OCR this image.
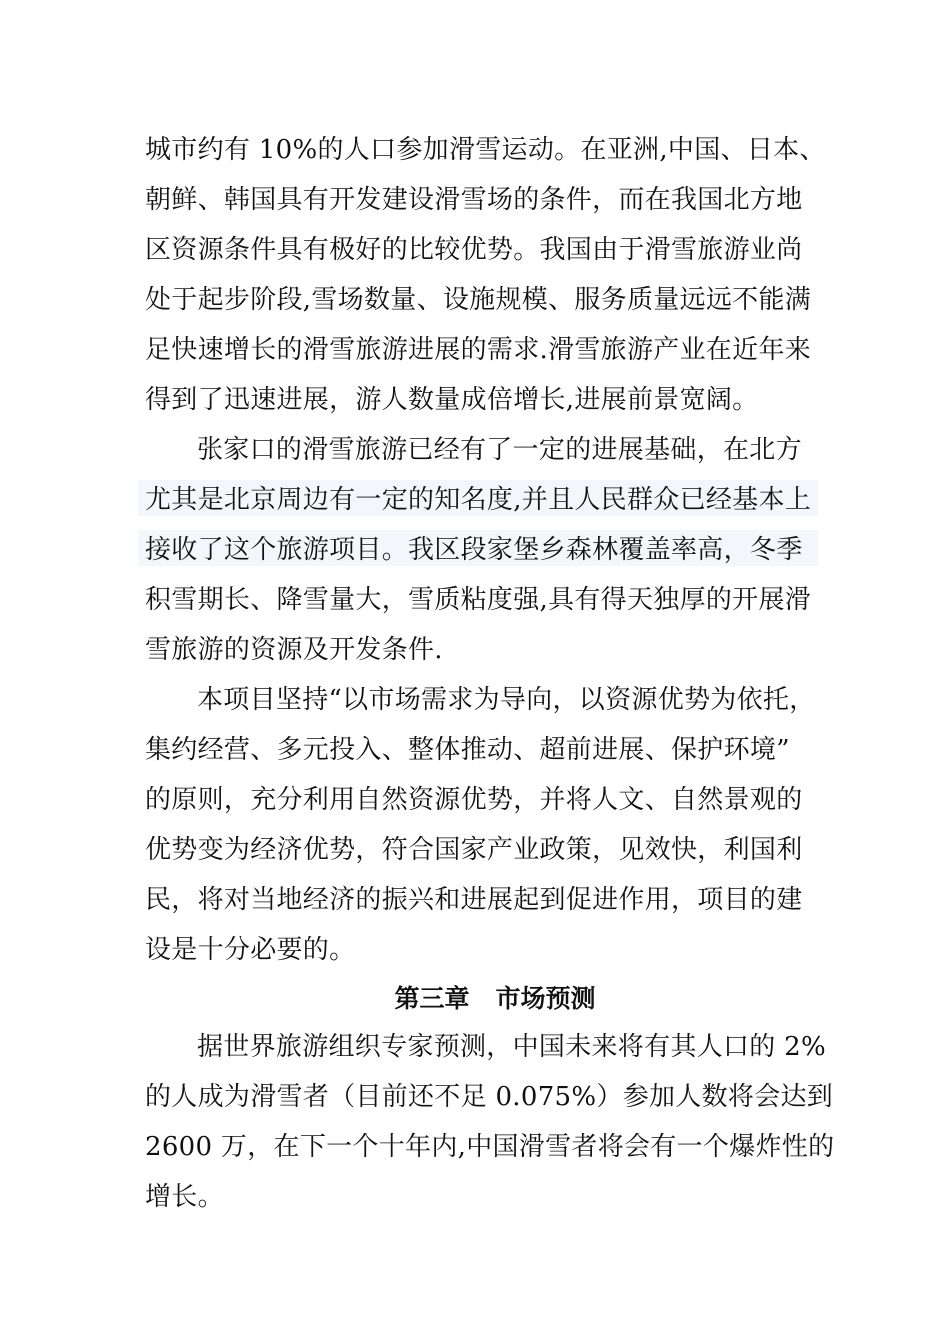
城市约有 10%的人口参加滑雪运动。在亚洲,中国、日本、
朝鲜、韩国具有开发建设滑雪场的条件，而在我国北方地
区资源条件具有极好的比较优势。我国由于滑雪旅游业尚
处于起步阶段,雪场数量、设施规模、服务质量远远不能满
足快速增长的滑雪旅游进展的需求.滑雪旅游产业在近年来
得到了迅速进展，游人数量成倍增长,进展前景宽阔。
张家口的滑雪旅游已经有了一定的进展基础，在北方
尤其是北京周边有一定的知名度,并且人民群众已经基本上
接收了这个旅游项目。我区段家堡乡森林覆盖率高，冬季
积雪期长、降雪量大，雪质粘度强,具有得天独厚的开展滑
雪旅游的资源及开发条件.
本项目坚持“以市场需求为导向，以资源优势为依托，
集约经营、多元投入、整体推动、超前进展、保护环境”
的原则，充分利用自然资源优势，并将人文、自然景观的
优势变为经济优势，符合国家产业政策，见效快，利国利
民，将对当地经济的振兴和进展起到促进作用，项目的建
设是十分必要的。
第三章   市场预测
据世界旅游组织专家预测，中国未来将有其人口的 2%
的人成为滑雪者（目前还不足 0.075%）参加人数将会达到
2600 万，在下一个十年内,中国滑雪者将会有一个爆炸性的
增长。
